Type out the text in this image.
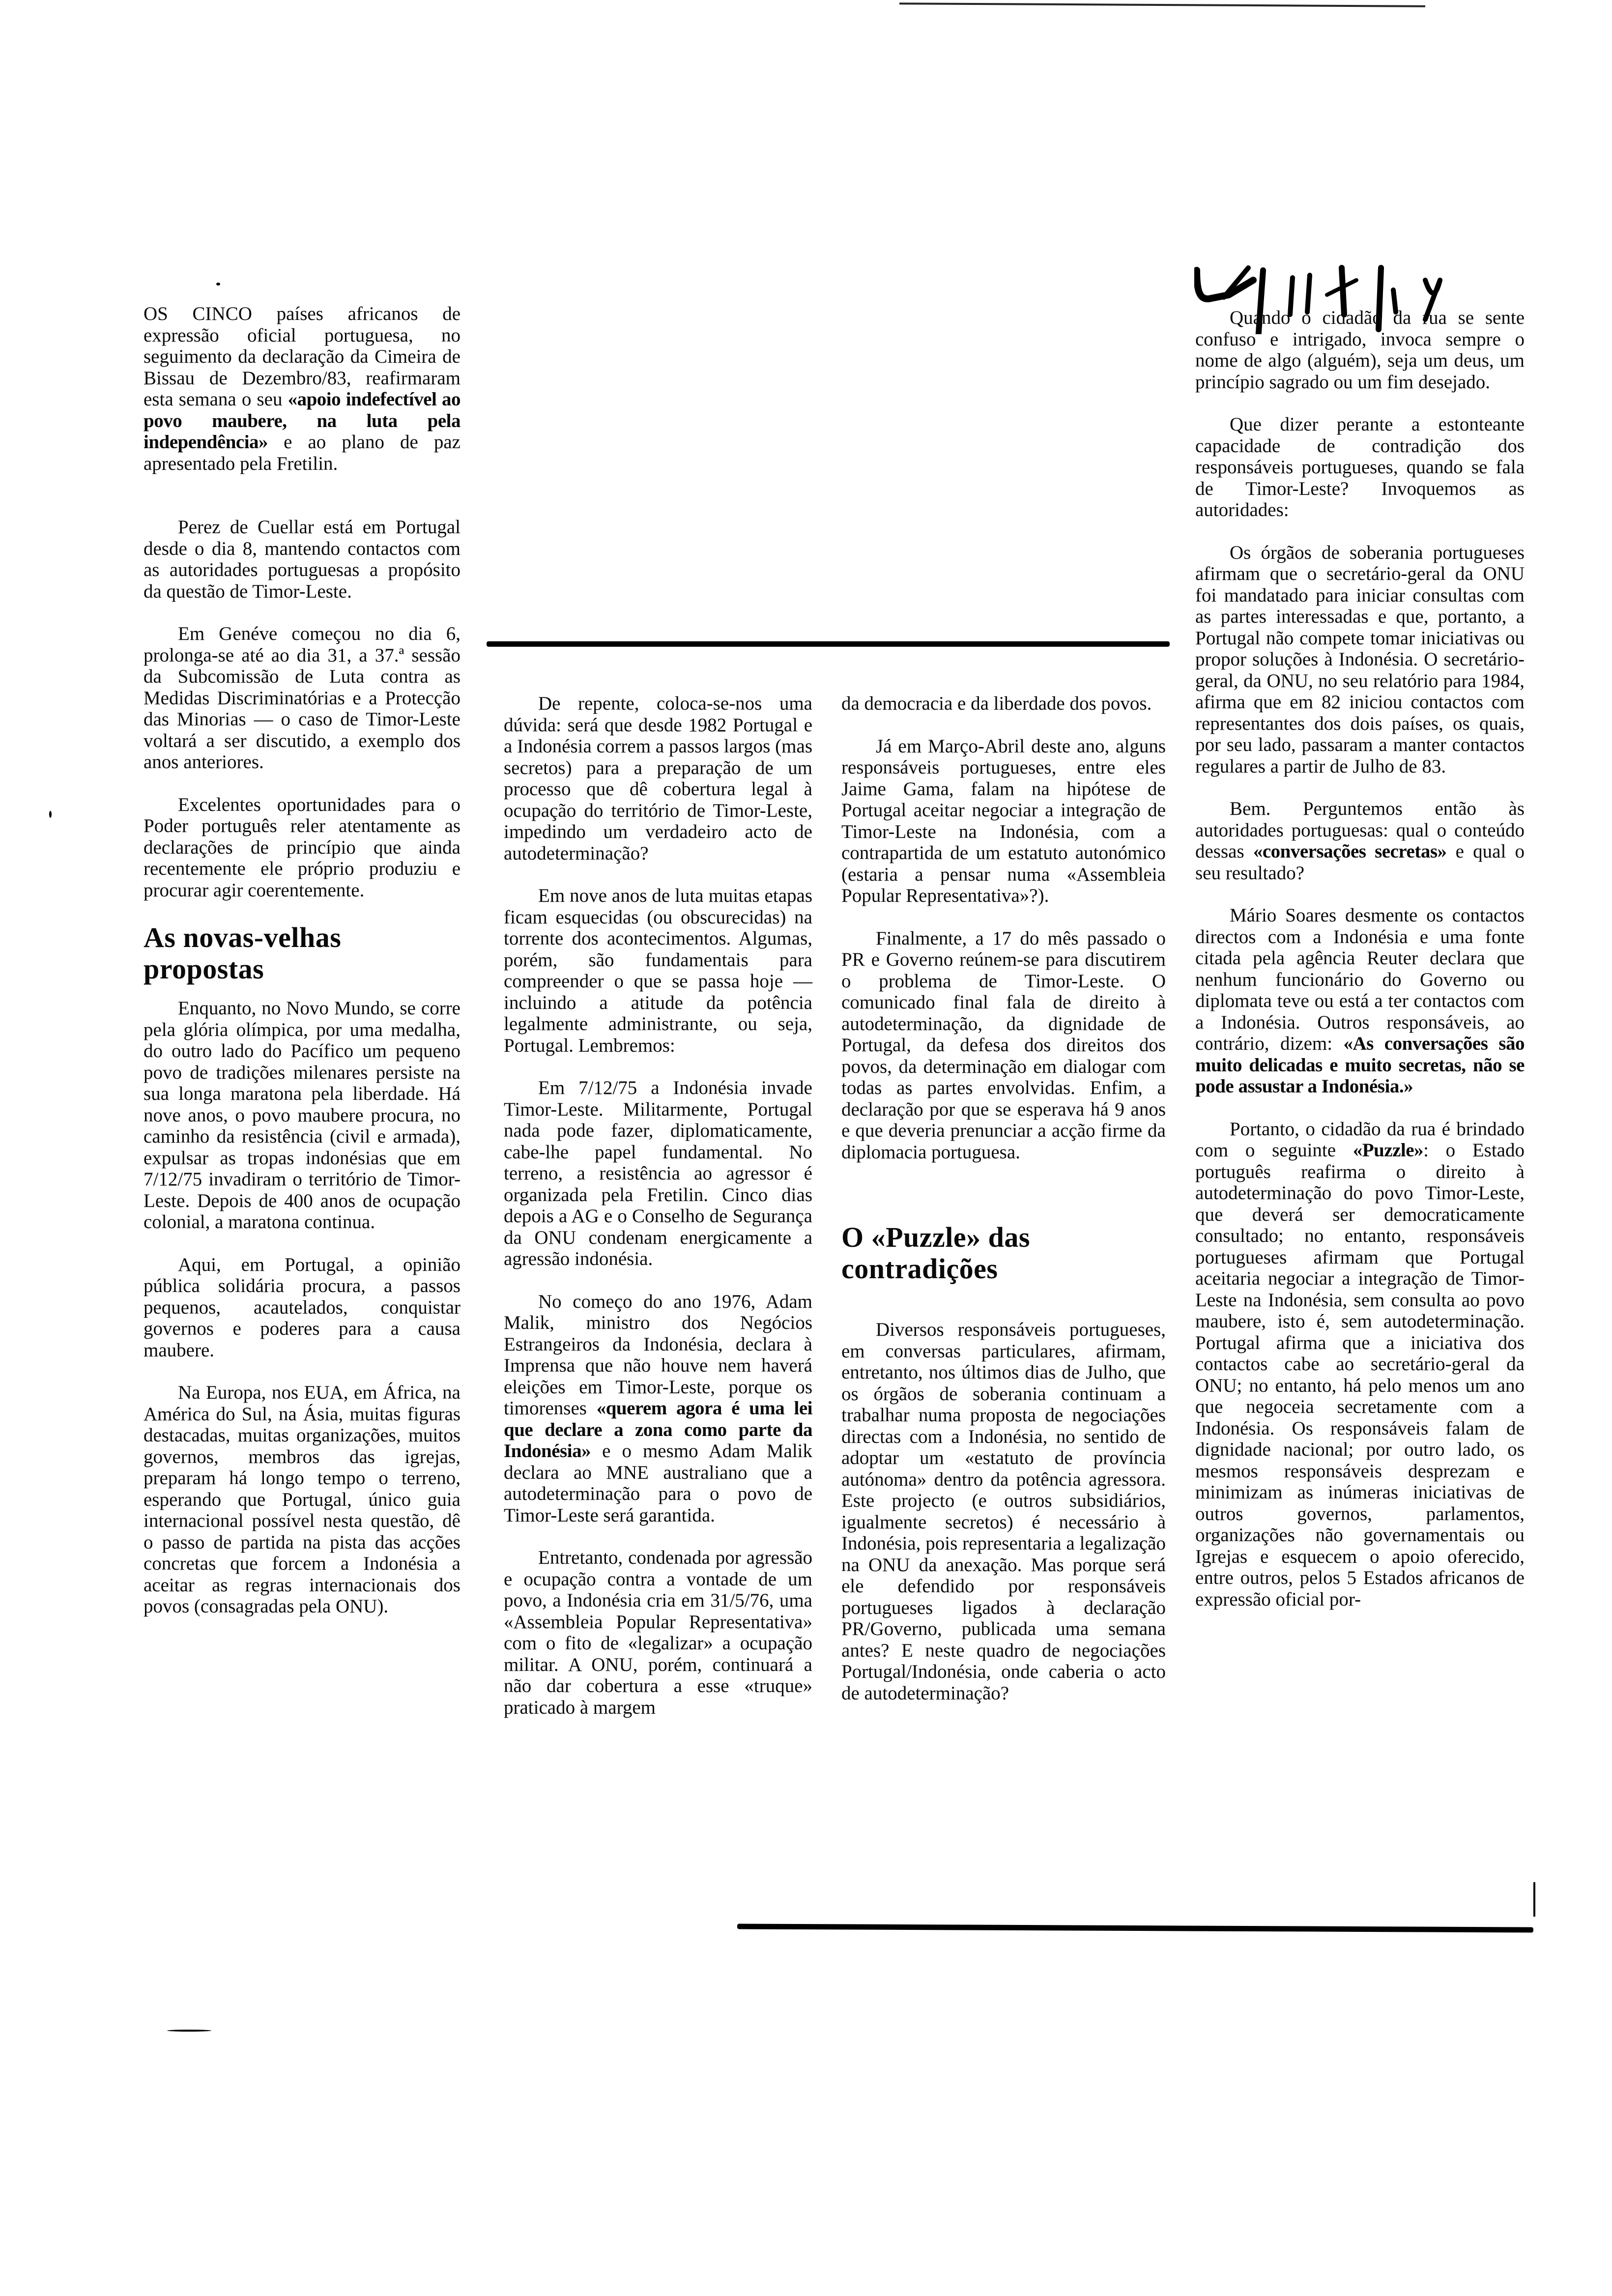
OS CINCO países africanos de expressão oficial portuguesa, no seguimento da declaração da Cimeira de Bissau de Dezembro/83, reafirmaram esta semana o seu «apoio indefectível ao povo maubere, na luta pela independência» e ao plano de paz apresentado pela Fretilin.

Perez de Cuellar está em Portugal desde o dia 8, mantendo contactos com as autoridades portuguesas a propósito da questão de Timor-Leste.

Em Genéve começou no dia 6, prolonga-se até ao dia 31, a 37.ª sessão da Subcomissão de Luta contra as Medidas Discriminatórias e a Protecção das Minorias — o caso de Timor-Leste voltará a ser discutido, a exemplo dos anos anteriores.

Excelentes oportunidades para o Poder português reler atentamente as declarações de princípio que ainda recentemente ele próprio produziu e procurar agir coerentemente.

As novas-velhas propostas

Enquanto, no Novo Mundo, se corre pela glória olímpica, por uma medalha, do outro lado do Pacífico um pequeno povo de tradições milenares persiste na sua longa maratona pela liberdade. Há nove anos, o povo maubere procura, no caminho da resistência (civil e armada), expulsar as tropas indonésias que em 7/12/75 invadiram o território de Timor-Leste. Depois de 400 anos de ocupação colonial, a maratona continua.

Aqui, em Portugal, a opinião pública solidária procura, a passos pequenos, acautelados, conquistar governos e poderes para a causa maubere.

Na Europa, nos EUA, em África, na América do Sul, na Ásia, muitas figuras destacadas, muitas organizações, muitos governos, membros das igrejas, preparam há longo tempo o terreno, esperando que Portugal, único guia internacional possível nesta questão, dê o passo de partida na pista das acções concretas que forcem a Indonésia a aceitar as regras internacionais dos povos (consagradas pela ONU).

De repente, coloca-se-nos uma dúvida: será que desde 1982 Portugal e a Indonésia correm a passos largos (mas secretos) para a preparação de um processo que dê cobertura legal à ocupação do território de Timor-Leste, impedindo um verdadeiro acto de autodeterminação?

Em nove anos de luta muitas etapas ficam esquecidas (ou obscurecidas) na torrente dos acontecimentos. Algumas, porém, são fundamentais para compreender o que se passa hoje — incluindo a atitude da potência legalmente administrante, ou seja, Portugal. Lembremos:

Em 7/12/75 a Indonésia invade Timor-Leste. Militarmente, Portugal nada pode fazer, diplomaticamente, cabe-lhe papel fundamental. No terreno, a resistência ao agressor é organizada pela Fretilin. Cinco dias depois a AG e o Conselho de Segurança da ONU condenam energicamente a agressão indonésia.

No começo do ano 1976, Adam Malik, ministro dos Negócios Estrangeiros da Indonésia, declara à Imprensa que não houve nem haverá eleições em Timor-Leste, porque os timorenses «querem agora é uma lei que declare a zona como parte da Indonésia» e o mesmo Adam Malik declara ao MNE australiano que a autodeterminação para o povo de Timor-Leste será garantida.

Entretanto, condenada por agressão e ocupação contra a vontade de um povo, a Indonésia cria em 31/5/76, uma «Assembleia Popular Representativa» com o fito de «legalizar» a ocupação militar. A ONU, porém, continuará a não dar cobertura a esse «truque» praticado à margem

da democracia e da liberdade dos povos.

Já em Março-Abril deste ano, alguns responsáveis portugueses, entre eles Jaime Gama, falam na hipótese de Portugal aceitar negociar a integração de Timor-Leste na Indonésia, com a contrapartida de um estatuto autonómico (estaria a pensar numa «Assembleia Popular Representativa»?).

Finalmente, a 17 do mês passado o PR e Governo reúnem-se para discutirem o problema de Timor-Leste. O comunicado final fala de direito à autodeterminação, da dignidade de Portugal, da defesa dos direitos dos povos, da determinação em dialogar com todas as partes envolvidas. Enfim, a declaração por que se esperava há 9 anos e que deveria prenunciar a acção firme da diplomacia portuguesa.

O «Puzzle» das contradições

Diversos responsáveis portugueses, em conversas particulares, afirmam, entretanto, nos últimos dias de Julho, que os órgãos de soberania continuam a trabalhar numa proposta de negociações directas com a Indonésia, no sentido de adoptar um «estatuto de província autónoma» dentro da potência agressora. Este projecto (e outros subsidiários, igualmente secretos) é necessário à Indonésia, pois representaria a legalização na ONU da anexação. Mas porque será ele defendido por responsáveis portugueses ligados à declaração PR/Governo, publicada uma semana antes? E neste quadro de negociações Portugal/Indonésia, onde caberia o acto de autodeterminação?

Quando o cidadão da rua se sente confuso e intrigado, invoca sempre o nome de algo (alguém), seja um deus, um princípio sagrado ou um fim desejado.

Que dizer perante a estonteante capacidade de contradição dos responsáveis portugueses, quando se fala de Timor-Leste? Invoquemos as autoridades:

Os órgãos de soberania portugueses afirmam que o secretário-geral da ONU foi mandatado para iniciar consultas com as partes interessadas e que, portanto, a Portugal não compete tomar iniciativas ou propor soluções à Indonésia. O secretário-geral, da ONU, no seu relatório para 1984, afirma que em 82 iniciou contactos com representantes dos dois países, os quais, por seu lado, passaram a manter contactos regulares a partir de Julho de 83.

Bem. Perguntemos então às autoridades portuguesas: qual o conteúdo dessas «conversações secretas» e qual o seu resultado?

Mário Soares desmente os contactos directos com a Indonésia e uma fonte citada pela agência Reuter declara que nenhum funcionário do Governo ou diplomata teve ou está a ter contactos com a Indonésia. Outros responsáveis, ao contrário, dizem: «As conversações são muito delicadas e muito secretas, não se pode assustar a Indonésia.»

Portanto, o cidadão da rua é brindado com o seguinte «Puzzle»: o Estado português reafirma o direito à autodeterminação do povo Timor-Leste, que deverá ser democraticamente consultado; no entanto, responsáveis portugueses afirmam que Portugal aceitaria negociar a integração de Timor-Leste na Indonésia, sem consulta ao povo maubere, isto é, sem autodeterminação. Portugal afirma que a iniciativa dos contactos cabe ao secretário-geral da ONU; no entanto, há pelo menos um ano que negoceia secretamente com a Indonésia. Os responsáveis falam de dignidade nacional; por outro lado, os mesmos responsáveis desprezam e minimizam as inúmeras iniciativas de outros governos, parlamentos, organizações não governamentais ou Igrejas e esquecem o apoio oferecido, entre outros, pelos 5 Estados africanos de expressão oficial por-
